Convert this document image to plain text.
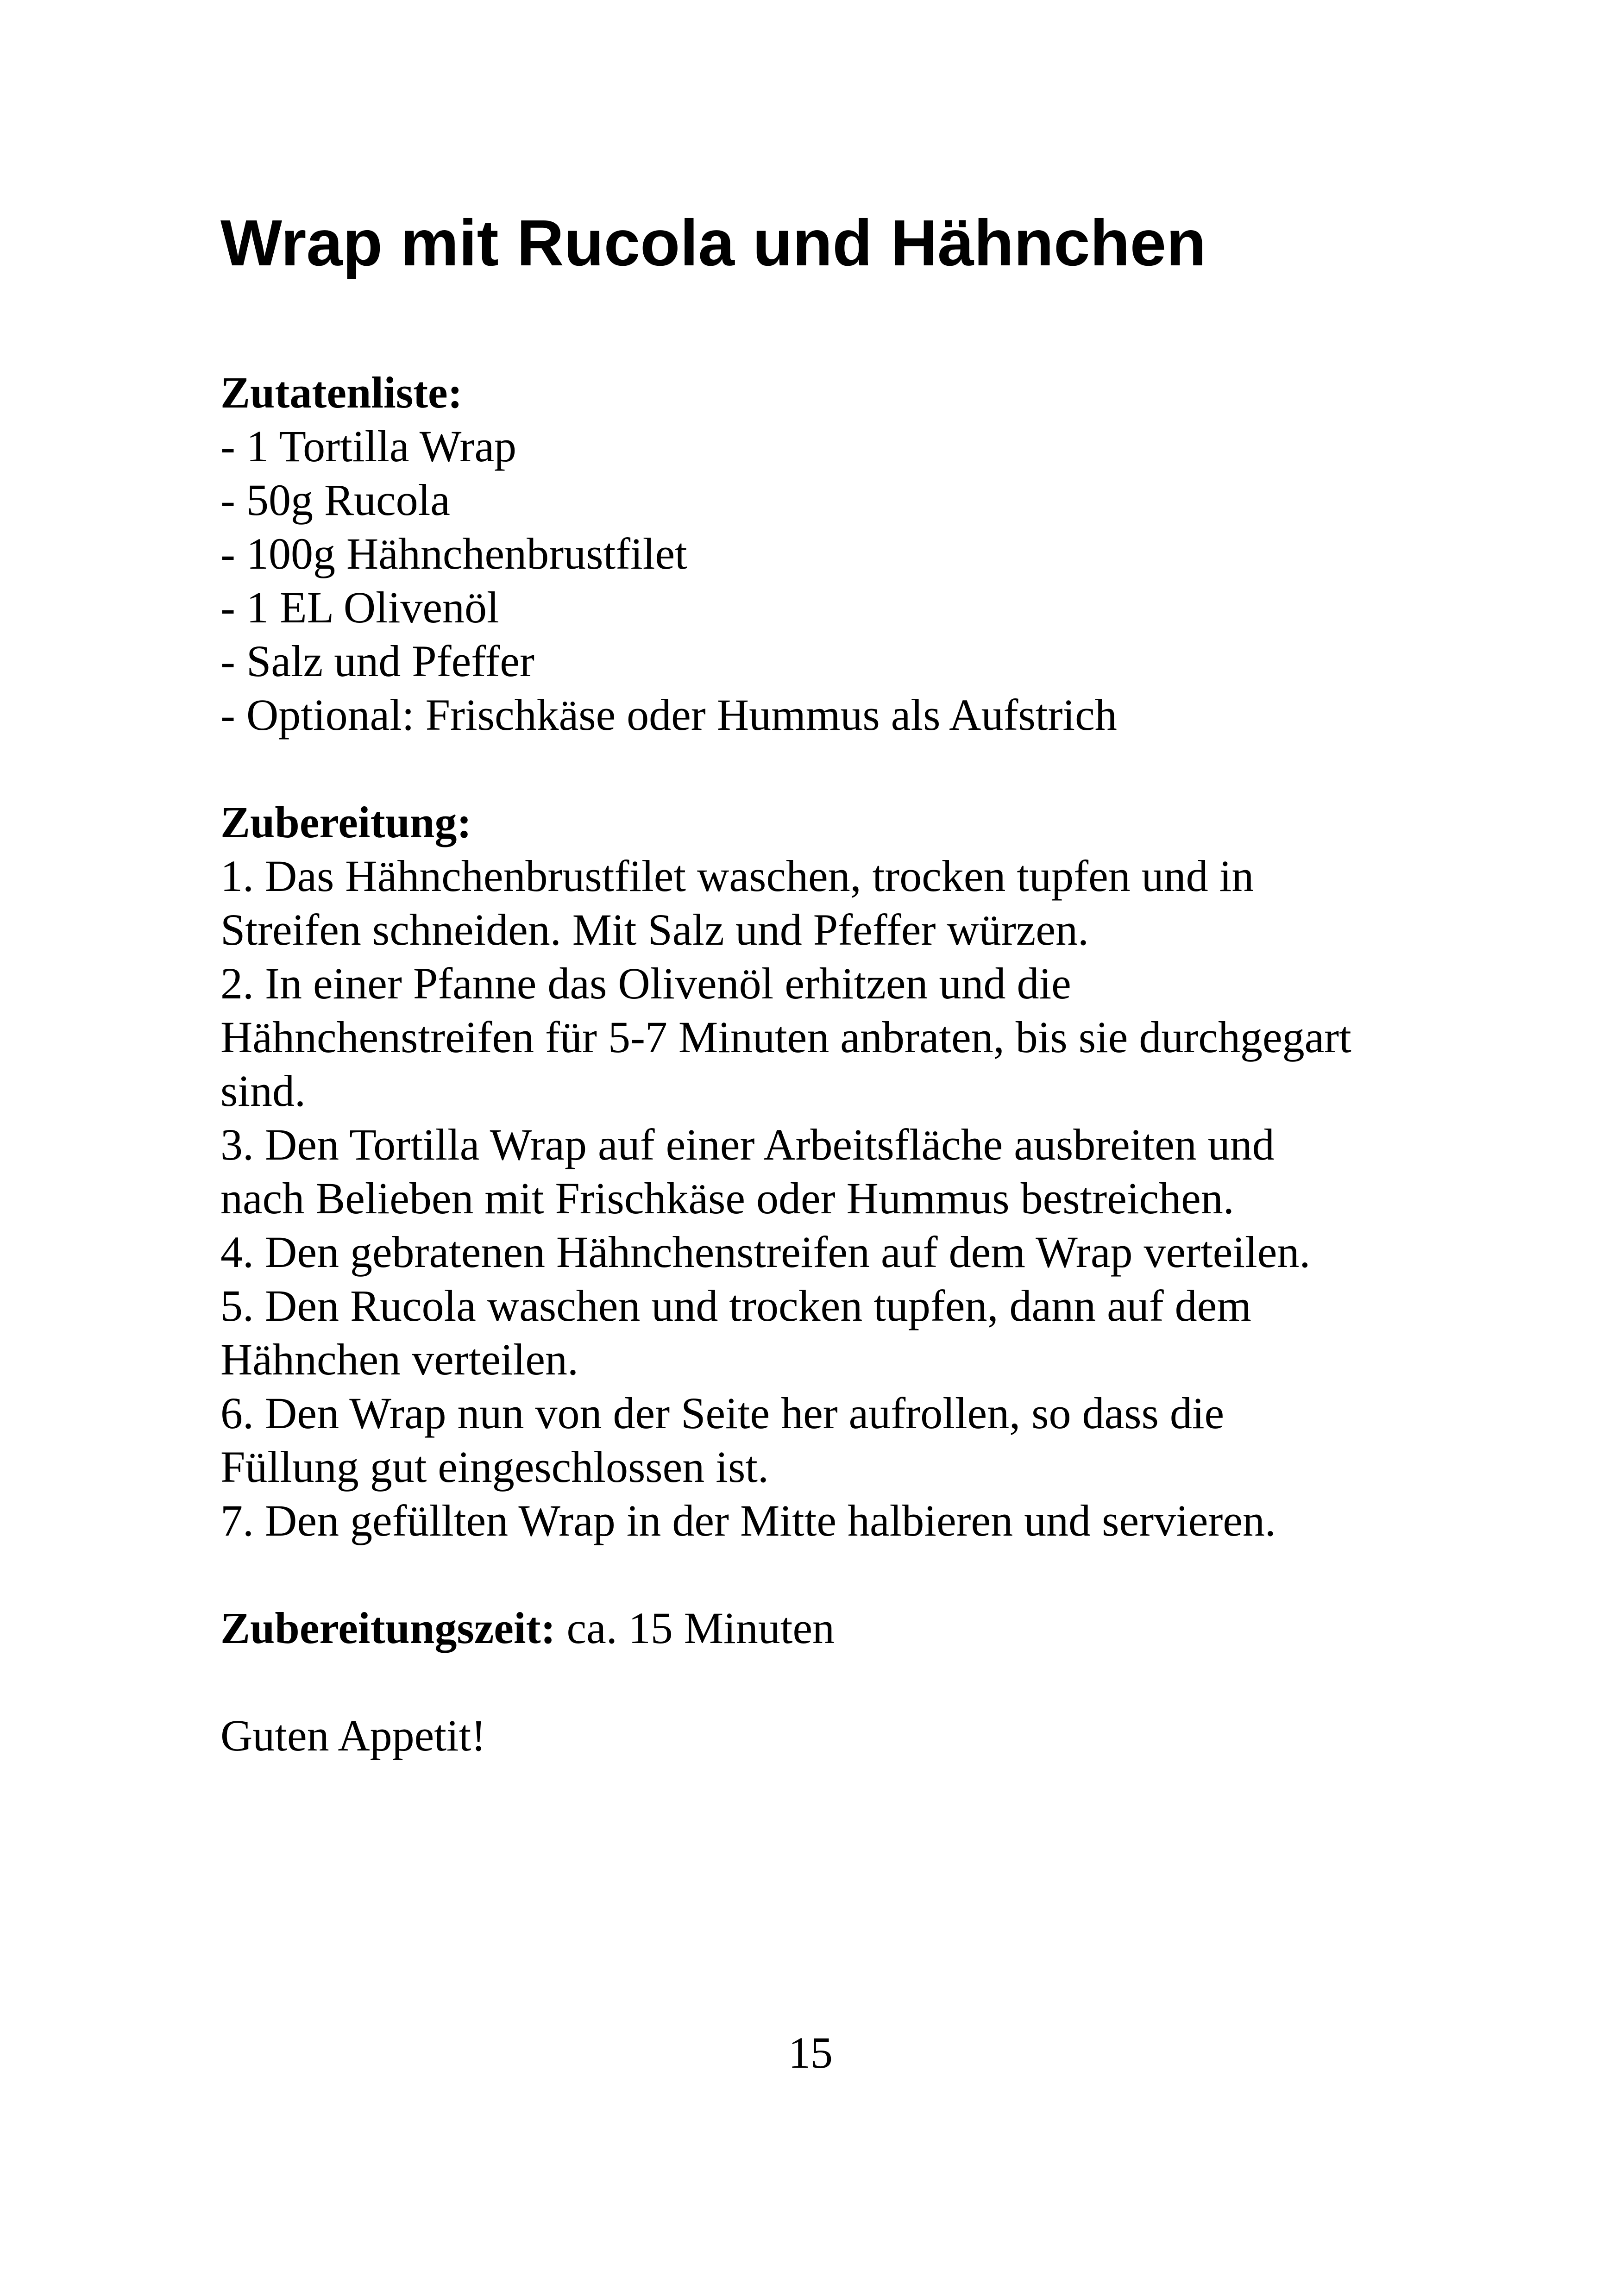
Wrap mit Rucola und Hähnchen
Zutatenliste:
- 1 Tortilla Wrap
- 50g Rucola
- 100g Hähnchenbrustfilet
- 1 EL Olivenöl
- Salz und Pfeffer
- Optional: Frischkäse oder Hummus als Aufstrich
Zubereitung:
1. Das Hähnchenbrustfilet waschen, trocken tupfen und in
Streifen schneiden. Mit Salz und Pfeffer würzen.
2. In einer Pfanne das Olivenöl erhitzen und die
Hähnchenstreifen für 5-7 Minuten anbraten, bis sie durchgegart
sind.
3. Den Tortilla Wrap auf einer Arbeitsfläche ausbreiten und
nach Belieben mit Frischkäse oder Hummus bestreichen.
4. Den gebratenen Hähnchenstreifen auf dem Wrap verteilen.
5. Den Rucola waschen und trocken tupfen, dann auf dem
Hähnchen verteilen.
6. Den Wrap nun von der Seite her aufrollen, so dass die
Füllung gut eingeschlossen ist.
7. Den gefüllten Wrap in der Mitte halbieren und servieren.
Zubereitungszeit: ca. 15 Minuten
Guten Appetit!
15
